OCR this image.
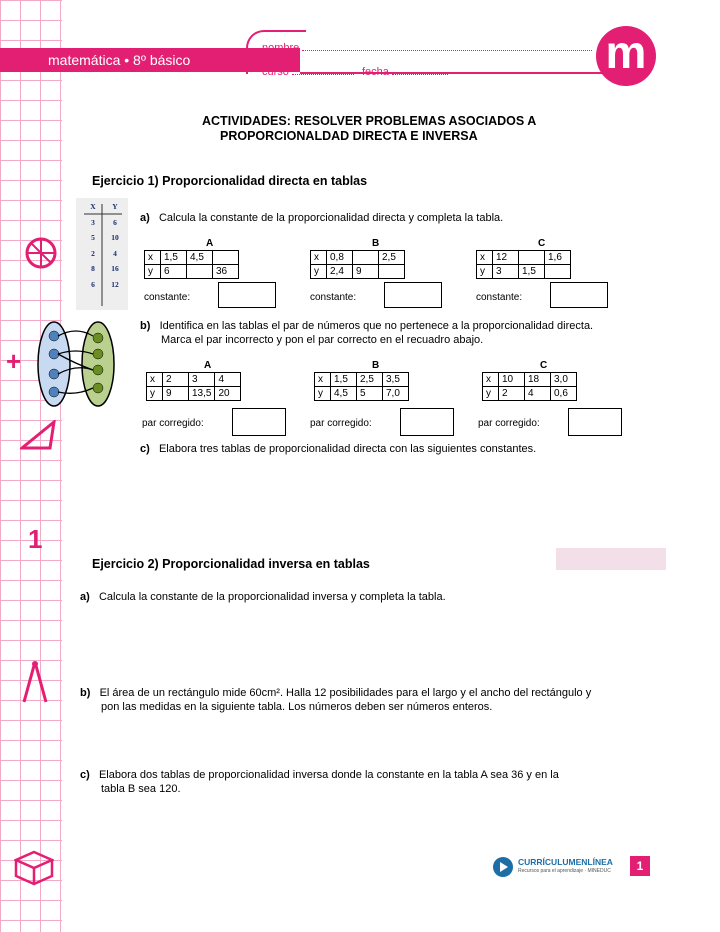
+
1
matemática • 8º básico
nombre
curso	fecha	m
ACTIVIDADES: RESOLVER PROBLEMAS ASOCIADOS A
PROPORCIONALDAD DIRECTA E INVERSA
Ejercicio 1) Proporcionalidad directa en tablas
X	Y
3	6
5	10
2	4
8	16
6	12
a) Calcula la constante de la proporcionalidad directa y completa la tabla.
b) Identifica en las tablas el par de números que no pertenece a la proporcionalidad directa.
Marca el par incorrecto y pon el par correcto en el recuadro abajo.
c) Elabora tres tablas de proporcionalidad directa con las siguientes constantes.
Ejercicio 2) Proporcionalidad inversa en tablas
a) Calcula la constante de la proporcionalidad inversa y completa la tabla.
b) El área de un rectángulo mide 60cm². Halla 12 posibilidades para el largo y el ancho del rectángulo y
pon las medidas en la siguiente tabla. Los números deben ser números enteros.
c) Elabora dos tablas de proporcionalidad inversa donde la constante en la tabla A sea 36 y en la
tabla B sea 120.
CURRÍCULUMENLÍNEA
Recursos para el aprendizaje · MINEDUC	1
A
x	1,5	4,5	
y	6		36
constante:
B
x	0,8		2,5
y	2,4	9	
constante:
C
x	12		1,6
y	3	1,5	
constante:
A
x	2	3	4
y	9	13,5	20
par corregido:
B
x	1,5	2,5	3,5
y	4,5	5	7,0
par corregido:
C
x	10	18	3,0
y	2	4	0,6
par corregido:
